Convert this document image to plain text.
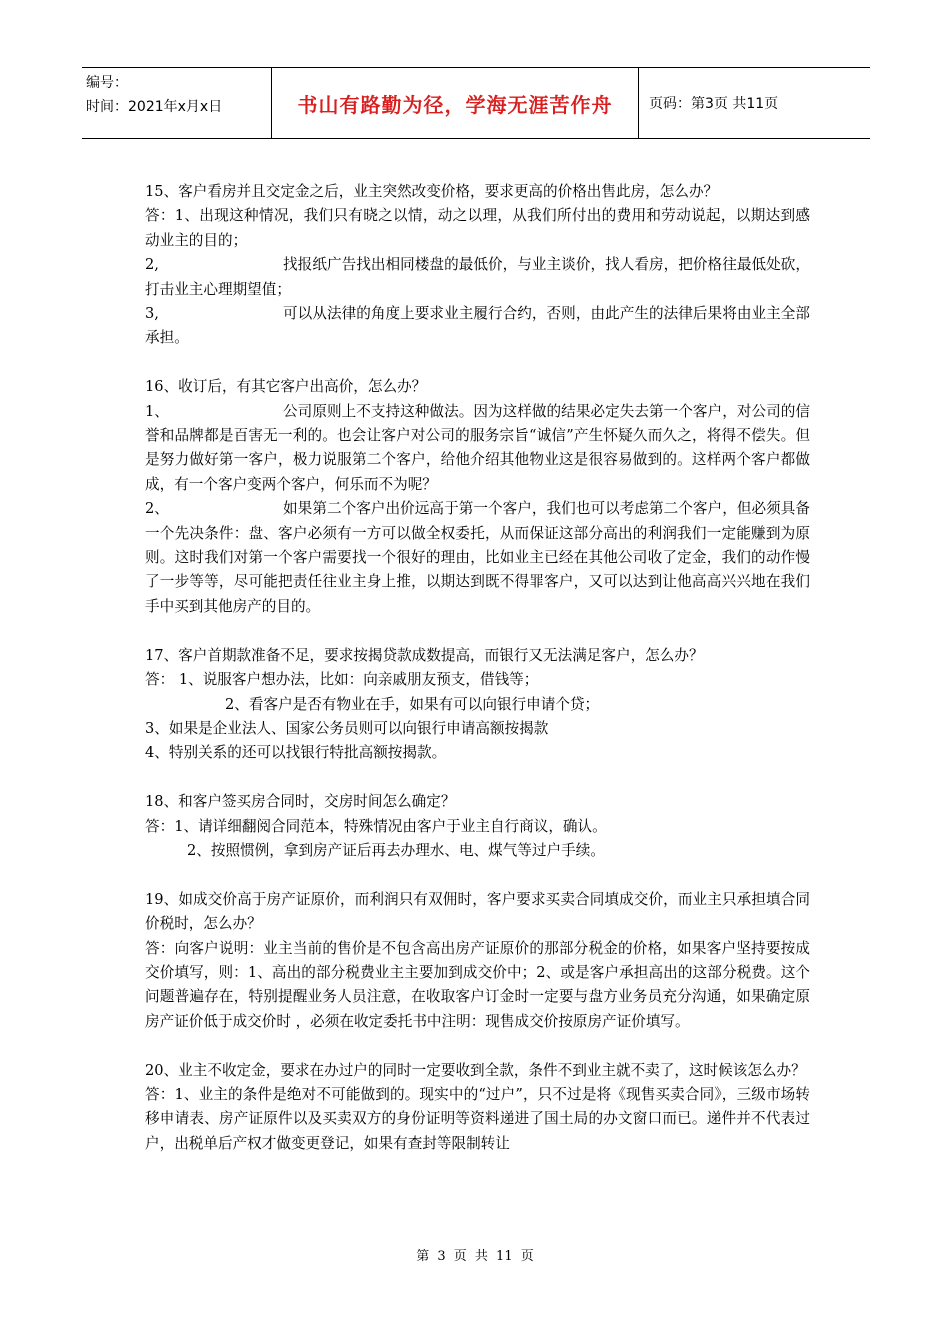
编号：
时间：2021年x月x日	书山有路勤为径，学海无涯苦作舟	页码：第3页 共11页

15、客户看房并且交定金之后，业主突然改变价格，要求更高的价格出售此房，怎么办？

答：1、出现这种情况，我们只有晓之以情，动之以理，从我们所付出的费用和劳动说起，以期达到感动业主的目的；

2,	找报纸广告找出相同楼盘的最低价，与业主谈价，找人看房，把价格往最低处砍，打击业主心理期望值；

3,	可以从法律的角度上要求业主履行合约，否则，由此产生的法律后果将由业主全部承担。

16、收订后，有其它客户出高价，怎么办？

1、	公司原则上不支持这种做法。因为这样做的结果必定失去第一个客户，对公司的信誉和品牌都是百害无一利的。也会让客户对公司的服务宗旨“诚信”产生怀疑久而久之，将得不偿失。但是努力做好第一客户，极力说服第二个客户，给他介绍其他物业这是很容易做到的。这样两个客户都做成，有一个客户变两个客户，何乐而不为呢？

2、	如果第二个客户出价远高于第一个客户，我们也可以考虑第二个客户，但必须具备一个先决条件：盘、客户必须有一方可以做全权委托，从而保证这部分高出的利润我们一定能赚到为原则。这时我们对第一个客户需要找一个很好的理由，比如业主已经在其他公司收了定金，我们的动作慢了一步等等，尽可能把责任往业主身上推，以期达到既不得罪客户，又可以达到让他高高兴兴地在我们手中买到其他房产的目的。

17、客户首期款准备不足，要求按揭贷款成数提高，而银行又无法满足客户，怎么办？

答： 1、说服客户想办法，比如：向亲戚朋友预支，借钱等；

2、看客户是否有物业在手，如果有可以向银行申请个贷；

3、如果是企业法人、国家公务员则可以向银行申请高额按揭款

4、特别关系的还可以找银行特批高额按揭款。

18、和客户签买房合同时，交房时间怎么确定？

答：1、请详细翻阅合同范本，特殊情况由客户于业主自行商议，确认。

2、按照惯例，拿到房产证后再去办理水、电、煤气等过户手续。

19、如成交价高于房产证原价，而利润只有双佣时，客户要求买卖合同填成交价，而业主只承担填合同价税时，怎么办？

答：向客户说明：业主当前的售价是不包含高出房产证原价的那部分税金的价格，如果客户坚持要按成交价填写，则：1、高出的部分税费业主主要加到成交价中；2、或是客户承担高出的这部分税费。这个问题普遍存在，特别提醒业务人员注意，在收取客户订金时一定要与盘方业务员充分沟通，如果确定原房产证价低于成交价时 ，必须在收定委托书中注明：现售成交价按原房产证价填写。

20、业主不收定金，要求在办过户的同时一定要收到全款，条件不到业主就不卖了，这时候该怎么办？

答：1、业主的条件是绝对不可能做到的。现实中的“过户”，只不过是将《现售买卖合同》，三级市场转移申请表、房产证原件以及买卖双方的身份证明等资料递进了国土局的办文窗口而已。递件并不代表过户，出税单后产权才做变更登记，如果有查封等限制转让

第 3 页 共 11 页
